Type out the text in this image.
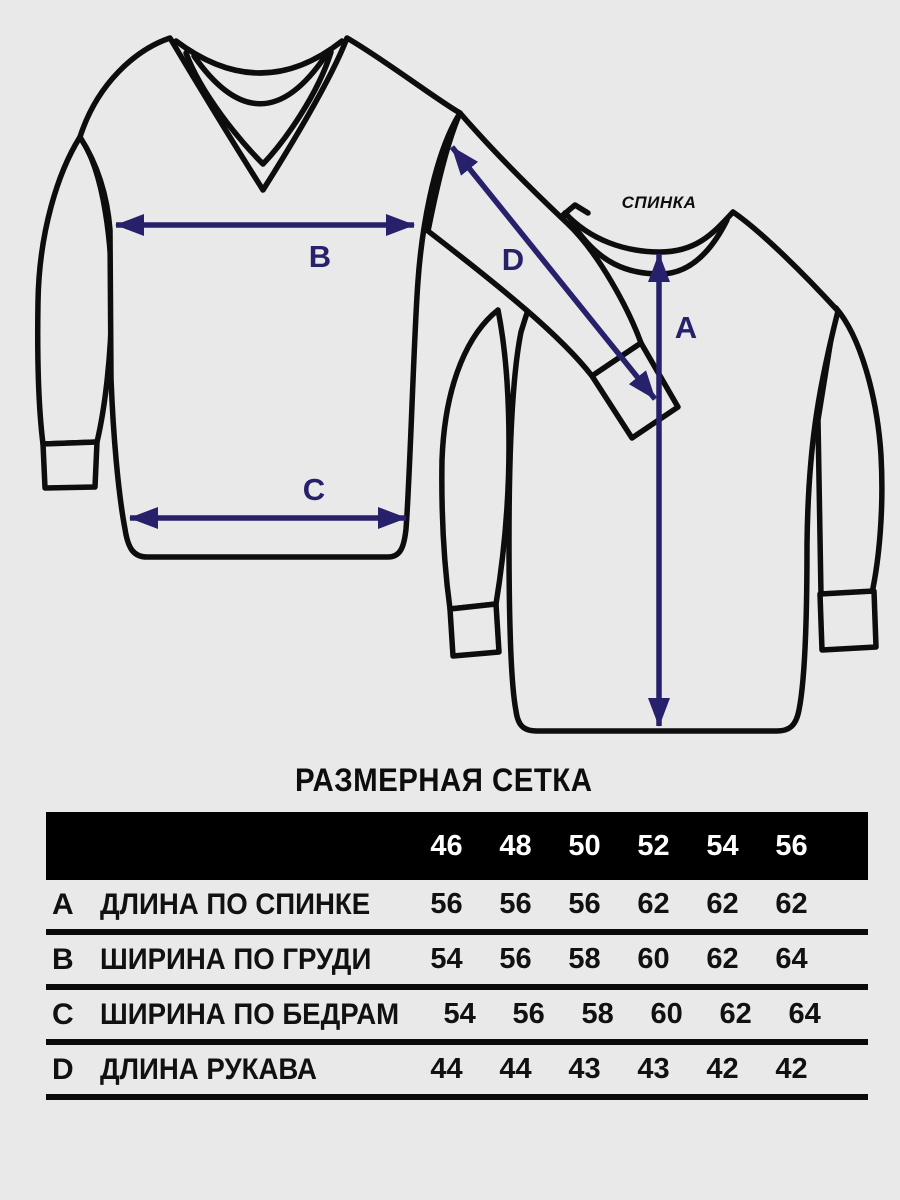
B
C
D
A
СПИНКА
РАЗМЕРНАЯ СЕТКА
46	48	50	52	54	56
A ДЛИНА ПО СПИНКЕ	56	56	56	62	62	62
B ШИРИНА ПО ГРУДИ	54	56	58	60	62	64
C ШИРИНА ПО БЕДРАМ	54	56	58	60	62	64
D ДЛИНА РУКАВА	44	44	43	43	42	42
